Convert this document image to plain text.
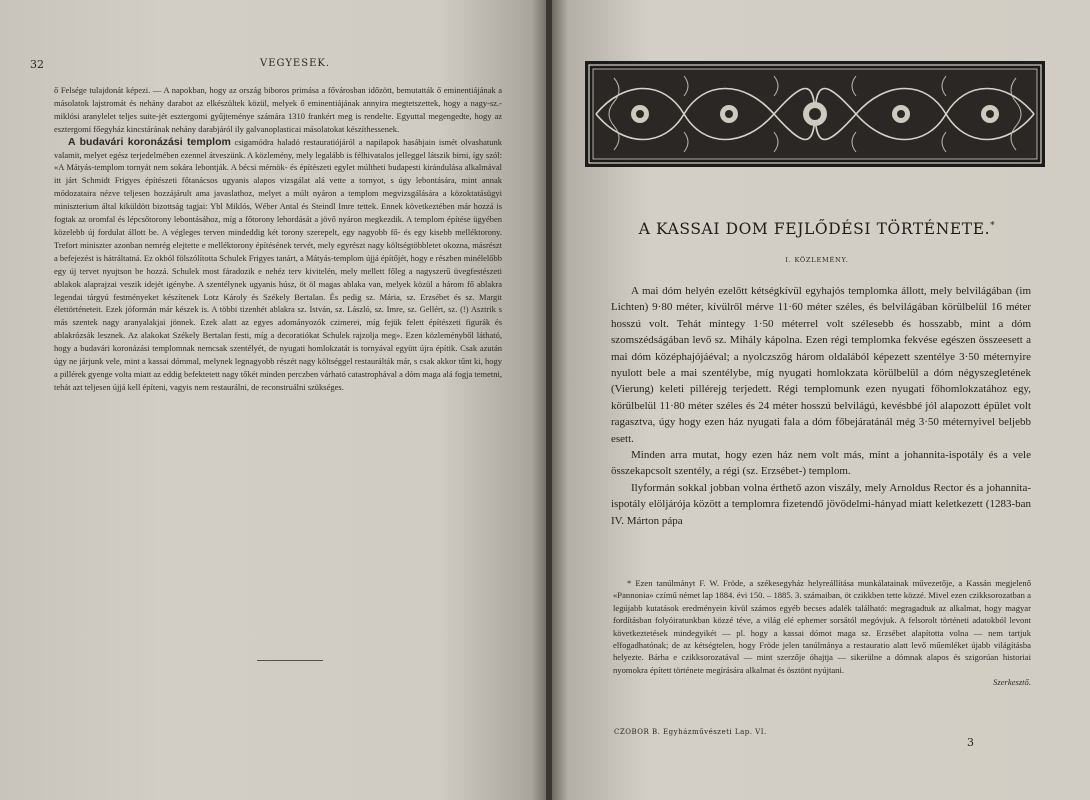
32	VEGYESEK.

ő Felsége tulajdonát képezi. — A napokban, hogy az ország biboros primása a fővárosban időzött, bemutatták ő eminentiájának a másolatok lajstromát és nehány darabot az elkészültek közül, melyek ő eminentiájának annyira megtetszettek, hogy a nagy-sz.-miklósi aranylelet teljes suite-jét esztergomi gyűjteménye számára 1310 frankért meg is rendelte. Egyuttal megengedte, hogy az esztergomi főegyház kincstárának nehány darabjáról ily galvanoplasticai másolatokat készíthessenek.

A budavári koronázási templom csigamódra haladó restauratiójáról a napilapok hasábjain ismét olvashatunk valamit, melyet egész terjedelmében ezennel átveszünk. A közlemény, mely legalább is félhivatalos jelleggel látszik birni, így szól: «A Mátyás-templom tornyát nem sokára lebontják. A bécsi mérnök- és építészeti egylet múltheti budapesti kirándulása alkalmával itt járt Schmidt Frigyes építészeti főtanácsos ugyanis alapos vizsgálat alá vette a tornyot, s úgy lebontására, mint annak módozataira nézve teljesen hozzájárult ama javaslathoz, melyet a múlt nyáron a templom megvizsgálására a közoktatásügyi miniszterium által kiküldött bizottság tagjai: Ybl Miklós, Wéber Antal és Steindl Imre tettek. Ennek következtében már hozzá is fogtak az oromfal és lépcsőtorony lebontásához, míg a főtorony lehordását a jövő nyáron megkezdik. A templom építése ügyében közelebb új fordulat állott be. A végleges terven mindeddig két torony szerepelt, egy nagyobb fő- és egy kisebb melléktorony. Trefort miniszter azonban nemrég elejtette e melléktorony építésének tervét, mely egyrészt nagy költségtöbbletet okozna, másrészt a befejezést is hátráltatná. Ez okból fölszólította Schulek Frigyes tanárt, a Mátyás-templom újjá építőjét, hogy e részben minélelőbb egy új tervet nyujtson be hozzá. Schulek most fáradozik e nehéz terv kivitelén, mely mellett főleg a nagyszerű üvegfestészeti ablakok alaprajzai veszik idejét igénybe. A szentélynek ugyanis húsz, öt öl magas ablaka van, melyek közül a három fő ablakra legendai tárgyú festményeket készítenek Lotz Károly és Székely Bertalan. És pedig sz. Mária, sz. Erzsébet és sz. Margit élettörténeteit. Ezek jóformán már készek is. A többi tizenhét ablakra sz. István, sz. László, sz. Imre, sz. Gellért, sz. (!) Asztrik s más szentek nagy aranyalakjai jönnek. Ezek alatt az egyes adományozók czimerei, míg fejük felett építészeti figurák és ablakrózsák lesznek. Az alakokat Székely Bertalan festi, míg a decoratiókat Schulek rajzolja meg». Ezen közleményből látható, hogy a budavári koronázási templomnak nemcsak szentélyét, de nyugati homlokzatát is tornyával együtt újra építik. Csak azután úgy ne járjunk vele, mint a kassai dómmal, melynek legnagyobb részét nagy költséggel restaurálták már, s csak akkor tűnt ki, hogy a pillérek gyenge volta miatt az eddig befektetett nagy tőkét minden perczben várható catastrophával a dóm maga alá fogja temetni, tehát azt teljesen újjá kell építeni, vagyis nem restaurálni, de reconstruálni szükséges.

A KASSAI DOM FEJLŐDÉSI TÖRTÉNETE.*
I. KÖZLEMÉNY.

A mai dóm helyén ezelőtt kétségkívül egyhajós templomka állott, mely belvilágában (im Lichten) 9·80 méter, kívülről mérve 11·60 méter széles, és belvilágában körülbelül 16 méter hosszú volt. Tehát mintegy 1·50 méterrel volt szélesebb és hosszabb, mint a dóm szomszédságában levő sz. Mihály kápolna. Ezen régi templomka fekvése egészen összeesett a mai dóm középhajójáéval; a nyolczszög három oldalából képezett szentélye 3·50 méternyire nyulott bele a mai szentélybe, míg nyugati homlokzata körülbelül a dóm négyszegletének (Vierung) keleti pillérejg terjedett. Régi templomunk ezen nyugati főhomlokzatához egy, körülbelül 11·80 méter széles és 24 méter hosszú belvilágú, kevésbbé jól alapozott épület volt ragasztva, úgy hogy ezen ház nyugati fala a dóm főbejáratánál még 3·50 méternyivel beljebb esett.

Minden arra mutat, hogy ezen ház nem volt más, mint a johannita-ispotály és a vele összekapcsolt szentély, a régi (sz. Erzsébet-) templom.

Ilyformán sokkal jobban volna érthető azon viszály, mely Arnoldus Rector és a johannita-ispotály elöljárója között a templomra fizetendő jövödelmi-hányad miatt keletkezett (1283-ban IV. Márton pápa

* Ezen tanúlmányt F. W. Fröde, a székesegyház helyreállítása munkálatainak művezetője, a Kassán megjelenő «Pannonia» czímű német lap 1884. évi 150. – 1885. 3. számaiban, öt czikkben tette közzé. Mivel ezen czikksorozatban a legújabb kutatások eredményein kívül számos egyéb becses adalék található: megragadtuk az alkalmat, hogy magyar fordításban folyóiratunkban közzé tévе, a világ elé ephemer sorsától megóvjuk. A felsorolt történeti adatokból levont következtetések mindegyikét — pl. hogy a kassai dómot maga sz. Erzsébet alapította volna — nem tartjuk elfogadhatónak; de az kétségtelen, hogy Fröde jelen tanúlmánya a restauratio alatt levő műemléket újabb világításba helyezte. Bárha e czikksorozatával — mint szerzője óhajtja — sikerülne a dómnak alapos és szigorúan historiai nyomokra épített története megírására alkalmat és ösztönt nyújtani.

Szerkesztő.
CZOBOR B. Egyházművészeti Lap. VI.
3
